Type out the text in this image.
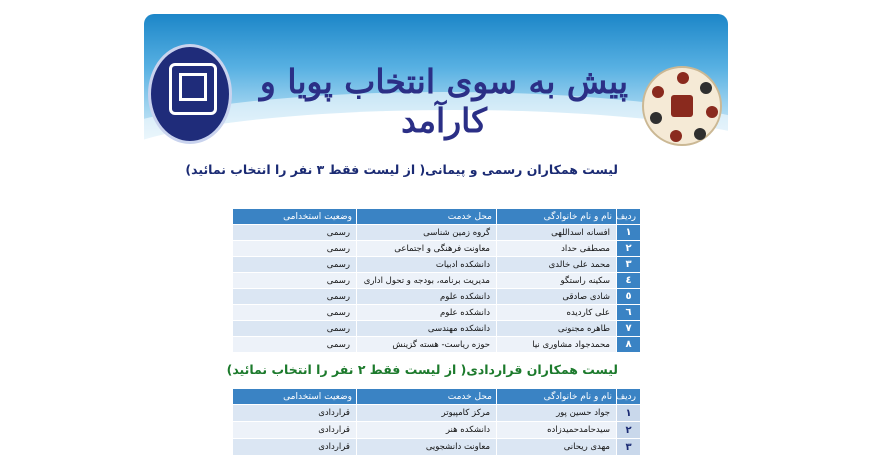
پیش به سوی انتخاب پویا و کارآمد
لیست همکاران رسمی و پیمانی( از لیست فقط ۳ نفر را انتخاب نمائید)
ردیف	نام و نام خانوادگی	محل خدمت	وضعیت استخدامی
۱	افسانه اسداللهی	گروه زمین شناسی	رسمی
۲	مصطفی حداد	معاونت فرهنگی و اجتماعی	رسمی
۳	محمد علی خالدی	دانشکده ادبیات	رسمی
٤	سکینه راستگو	مدیریت برنامه، بودجه و تحول اداری	رسمی
٥	شادی صادقی	دانشکده علوم	رسمی
٦	علی کاردیده	دانشکده علوم	رسمی
۷	طاهره مجنونی	دانشکده مهندسی	رسمی
۸	محمدجواد مشاوری نیا	حوزه ریاست- هسته گزینش	رسمی
لیست همکاران قراردادی( از لیست فقط ۲ نفر را انتخاب نمائید)
ردیف	نام و نام خانوادگی	محل خدمت	وضعیت استخدامی
۱	جواد حسین پور	مرکز کامپیوتر	قراردادی
۲	سیدحامدحمیدزاده	دانشکده هنر	قراردادی
۳	مهدی ریحانی	معاونت دانشجویی	قراردادی
